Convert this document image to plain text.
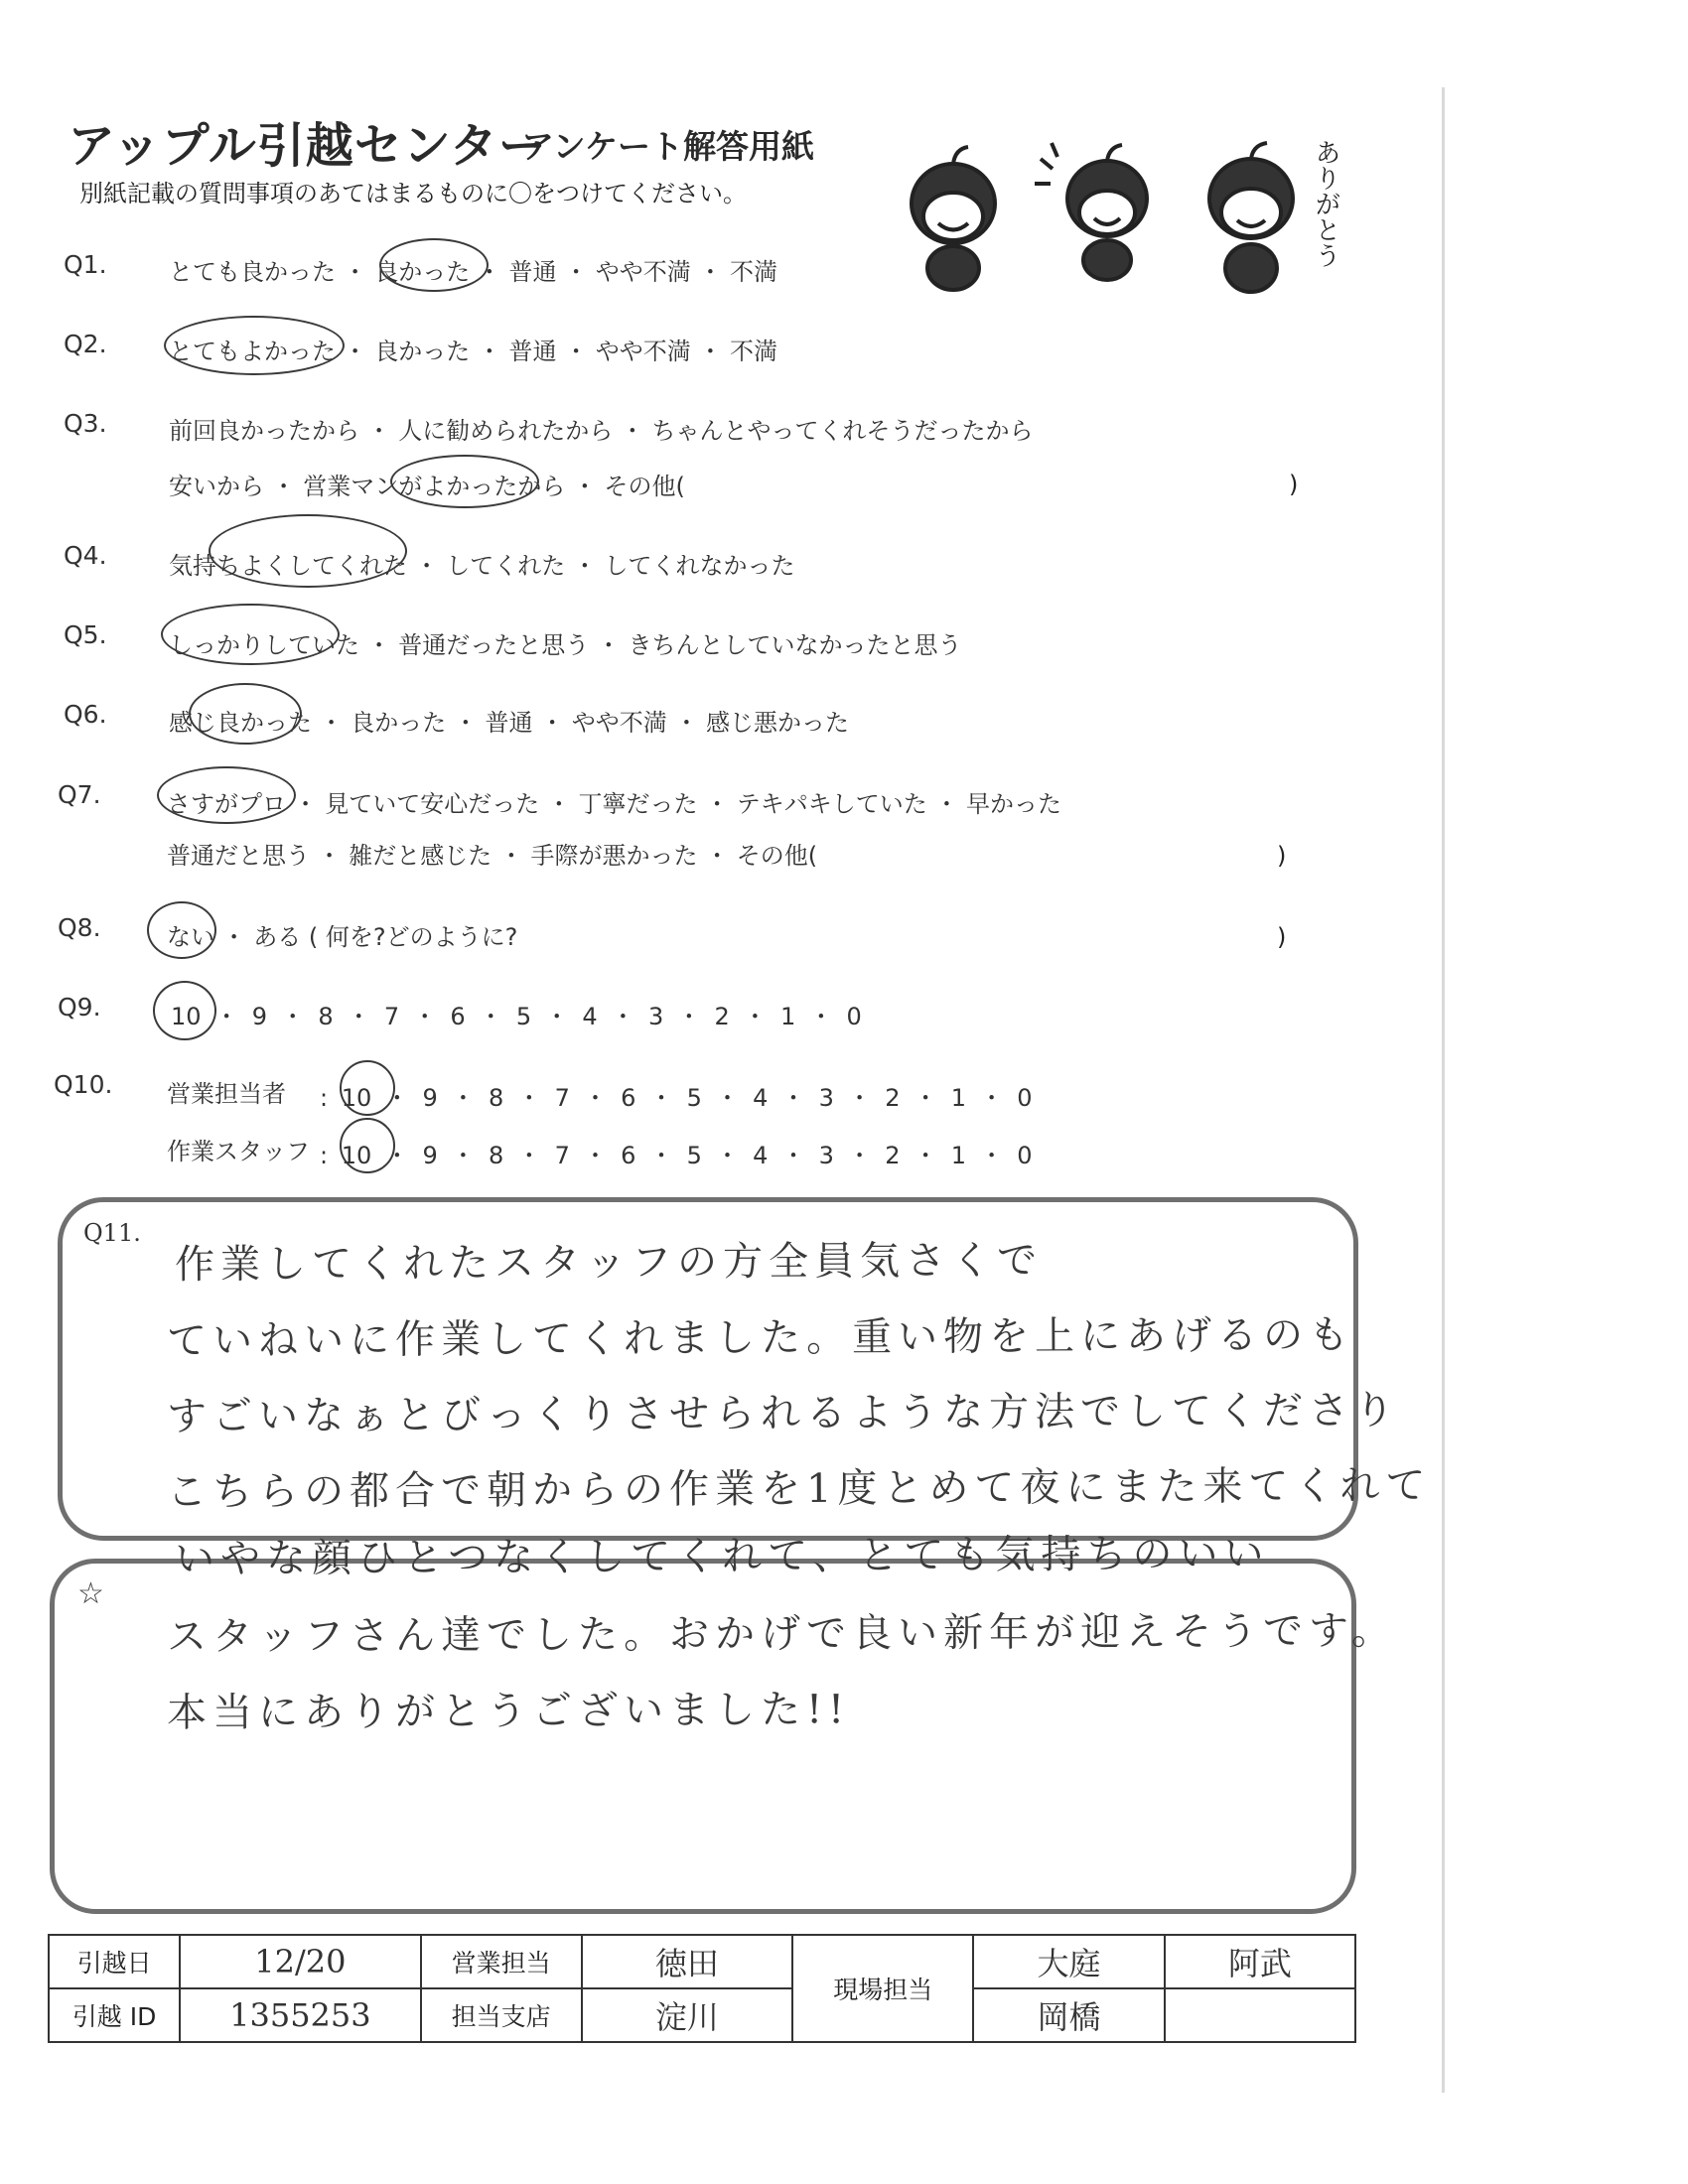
アップル引越センター
アンケート解答用紙
別紙記載の質問事項のあてはまるものに〇をつけてください。	ありがとう
Q1.	とても良かった ・ 良かった ・ 普通 ・ やや不満 ・ 不満
Q2.	とてもよかった ・ 良かった ・ 普通 ・ やや不満 ・ 不満
Q3.	前回良かったから ・ 人に勧められたから ・ ちゃんとやってくれそうだったから
安いから ・ 営業マンがよかったから ・ その他(	)
Q4.	気持ちよくしてくれた ・ してくれた ・ してくれなかった
Q5.	しっかりしていた ・ 普通だったと思う ・ きちんとしていなかったと思う
Q6.	感じ良かった ・ 良かった ・ 普通 ・ やや不満 ・ 感じ悪かった
Q7.	さすがプロ ・ 見ていて安心だった ・ 丁寧だった ・ テキパキしていた ・ 早かった
普通だと思う ・ 雑だと感じた ・ 手際が悪かった ・ その他(	)
Q8.	ない ・ ある ( 何を?どのように?	)
Q9.	10 ・ 9 ・ 8 ・ 7 ・ 6 ・ 5 ・ 4 ・ 3 ・ 2 ・ 1 ・ 0
Q10. 営業担当者 : 10 ・ 9 ・ 8 ・ 7 ・ 6 ・ 5 ・ 4 ・ 3 ・ 2 ・ 1 ・ 0
作業スタッフ : 10 ・ 9 ・ 8 ・ 7 ・ 6 ・ 5 ・ 4 ・ 3 ・ 2 ・ 1 ・ 0
Q11.
☆
作業してくれたスタッフの方全員気さくで
ていねいに作業してくれました。重い物を上にあげるのも
すごいなぁとびっくりさせられるような方法でしてくださり
こちらの都合で朝からの作業を1度とめて夜にまた来てくれて
いやな顔ひとつなくしてくれて、とても気持ちのいい
スタッフさん達でした。おかげで良い新年が迎えそうです。
本当にありがとうございました!!
引越日	12/20	営業担当	徳田	現場担当	大庭	阿武
引越 ID	1355253	担当支店	淀川		岡橋	
